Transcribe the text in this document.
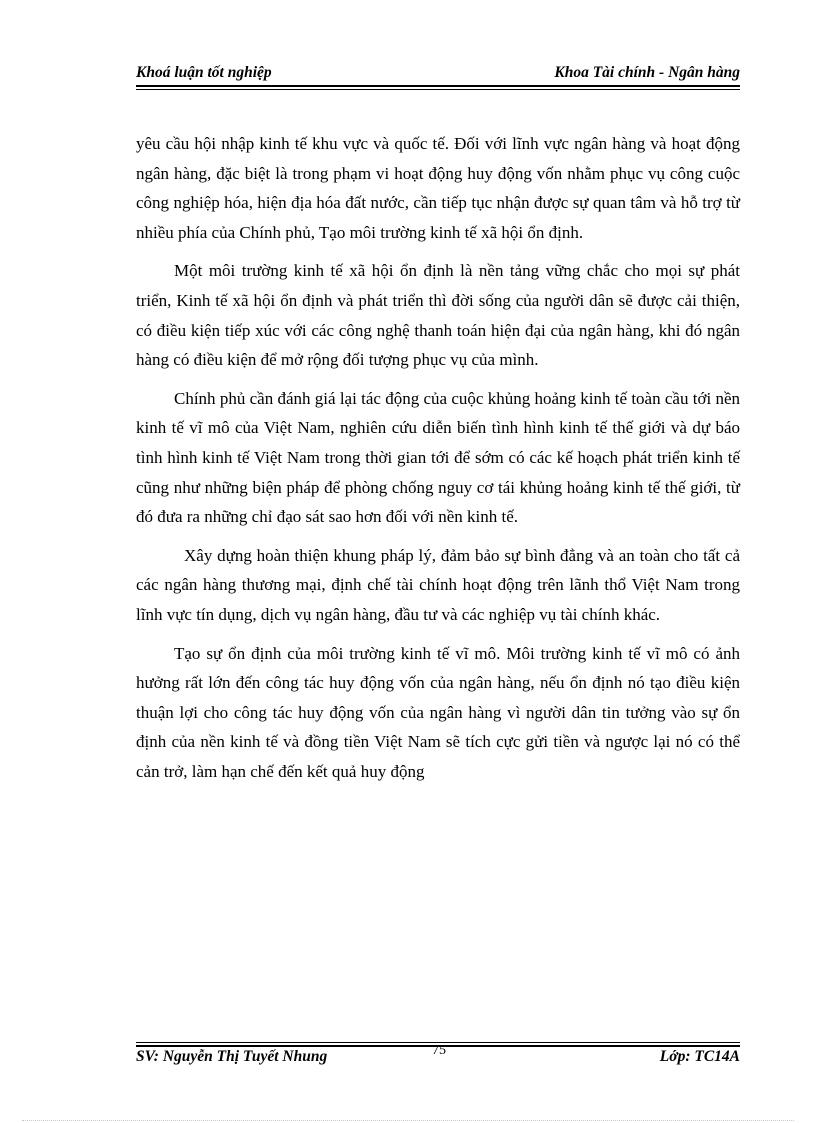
Khoá luận tốt nghiệp	Khoa Tài chính - Ngân hàng

yêu cầu hội nhập kinh tế khu vực và quốc tế. Đối với lĩnh vực ngân hàng và hoạt động ngân hàng, đặc biệt là trong phạm vi hoạt động huy động vốn nhằm phục vụ công cuộc công nghiệp hóa, hiện địa hóa đất nước, cần tiếp tục nhận được sự quan tâm và hỗ trợ từ nhiều phía của Chính phủ, Tạo môi trường kinh tế xã hội ổn định.

Một môi trường kinh tế xã hội ổn định là nền tảng vững chắc cho mọi sự phát triển, Kinh tế xã hội ổn định và phát triển thì đời sống của người dân sẽ được cải thiện, có điều kiện tiếp xúc với các công nghệ thanh toán hiện đại của ngân hàng, khi đó ngân hàng có điều kiện để mở rộng đối tượng phục vụ của mình.

Chính phủ cần đánh giá lại tác động của cuộc khủng hoảng kinh tế toàn cầu tới nền kinh tế vĩ mô của Việt Nam, nghiên cứu diễn biến tình hình kinh tế thế giới và dự báo tình hình kinh tế Việt Nam trong thời gian tới để sớm có các kế hoạch phát triển kinh tế cũng như những biện pháp để phòng chống nguy cơ tái khủng hoảng kinh tế thế giới, từ đó đưa ra những chỉ đạo sát sao hơn đối với nền kinh tế.

Xây dựng hoàn thiện khung pháp lý, đảm bảo sự bình đẳng và an toàn cho tất cả các ngân hàng thương mại, định chế tài chính hoạt động trên lãnh thổ Việt Nam trong lĩnh vực tín dụng, dịch vụ ngân hàng, đầu tư và các nghiệp vụ tài chính khác.

Tạo sự ổn định của môi trường kinh tế vĩ mô. Môi trường kinh tế vĩ mô có ảnh hưởng rất lớn đến công tác huy động vốn của ngân hàng, nếu ổn định nó tạo điều kiện thuận lợi cho công tác huy động vốn của ngân hàng vì người dân tin tưởng vào sự ổn định của nền kinh tế và đồng tiền Việt Nam sẽ tích cực gửi tiền và ngược lại nó có thể cản trở, làm hạn chế đến kết quả huy động

SV: Nguyễn Thị Tuyết Nhung	Lớp: TC14A
75
